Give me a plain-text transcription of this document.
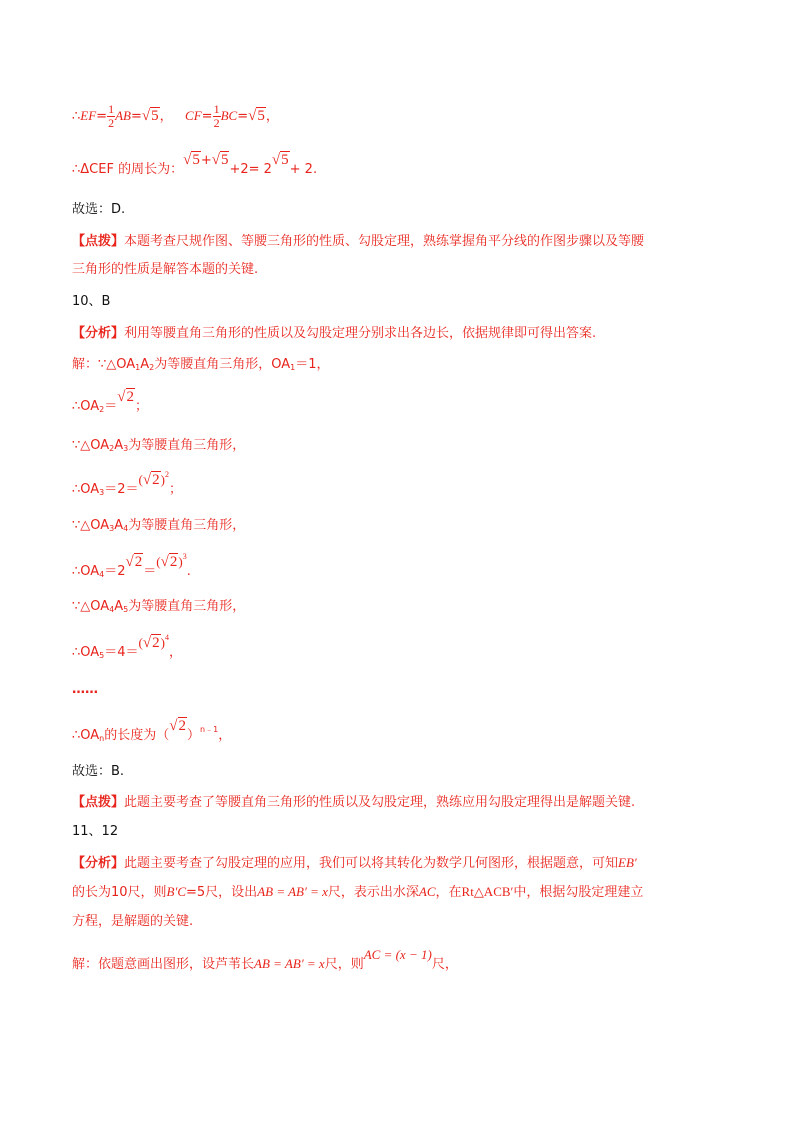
∴EF= $\frac{1}{2} AB=√5$， $CF= \frac{1}{2} BC=√5$，
∴ΔCEF 的周长为：√5+√5+2= 2√5+ 2.
故选：D.
【点拨】本题考查尺规作图、等腰三角形的性质、勾股定理，熟练掌握角平分线的作图步骤以及等腰
三角形的性质是解答本题的关键.
10、B
【分析】利用等腰直角三角形的性质以及勾股定理分别求出各边长，依据规律即可得出答案.
解：$\because\triangle OA_1A_2$为等腰直角三角形，$OA_1=1$，
$\therefore OA_2=√2$；
$\because\triangle OA_2A_3$为等腰直角三角形，
$\therefore OA_3=2=(√2)^2$；
$\because\triangle OA_3A_4$为等腰直角三角形，
$\therefore OA_4=2√2=(√2)^3$.
$\because\triangle OA_4A_5$为等腰直角三角形，
$\therefore OA_5=4=(√2)^4$，
……
$\therefore OA_n$的长度为$(√2)^{n﹣1}$，
故选：B.
【点拨】此题主要考查了等腰直角三角形的性质以及勾股定理，熟练应用勾股定理得出是解题关键.
11、12
【分析】此题主要考查了勾股定理的应用，我们可以将其转化为数学几何图形，根据题意，可知EB′
的长为10尺，则B′C=5尺，设出AB = AB′ = x尺，表示出水深AC，在Rt△ACB′中，根据勾股定理建立
方程，是解题的关键.
解：依题意画出图形，设芦苇长AB = AB′ = x尺，则AC = (x − 1)尺，
